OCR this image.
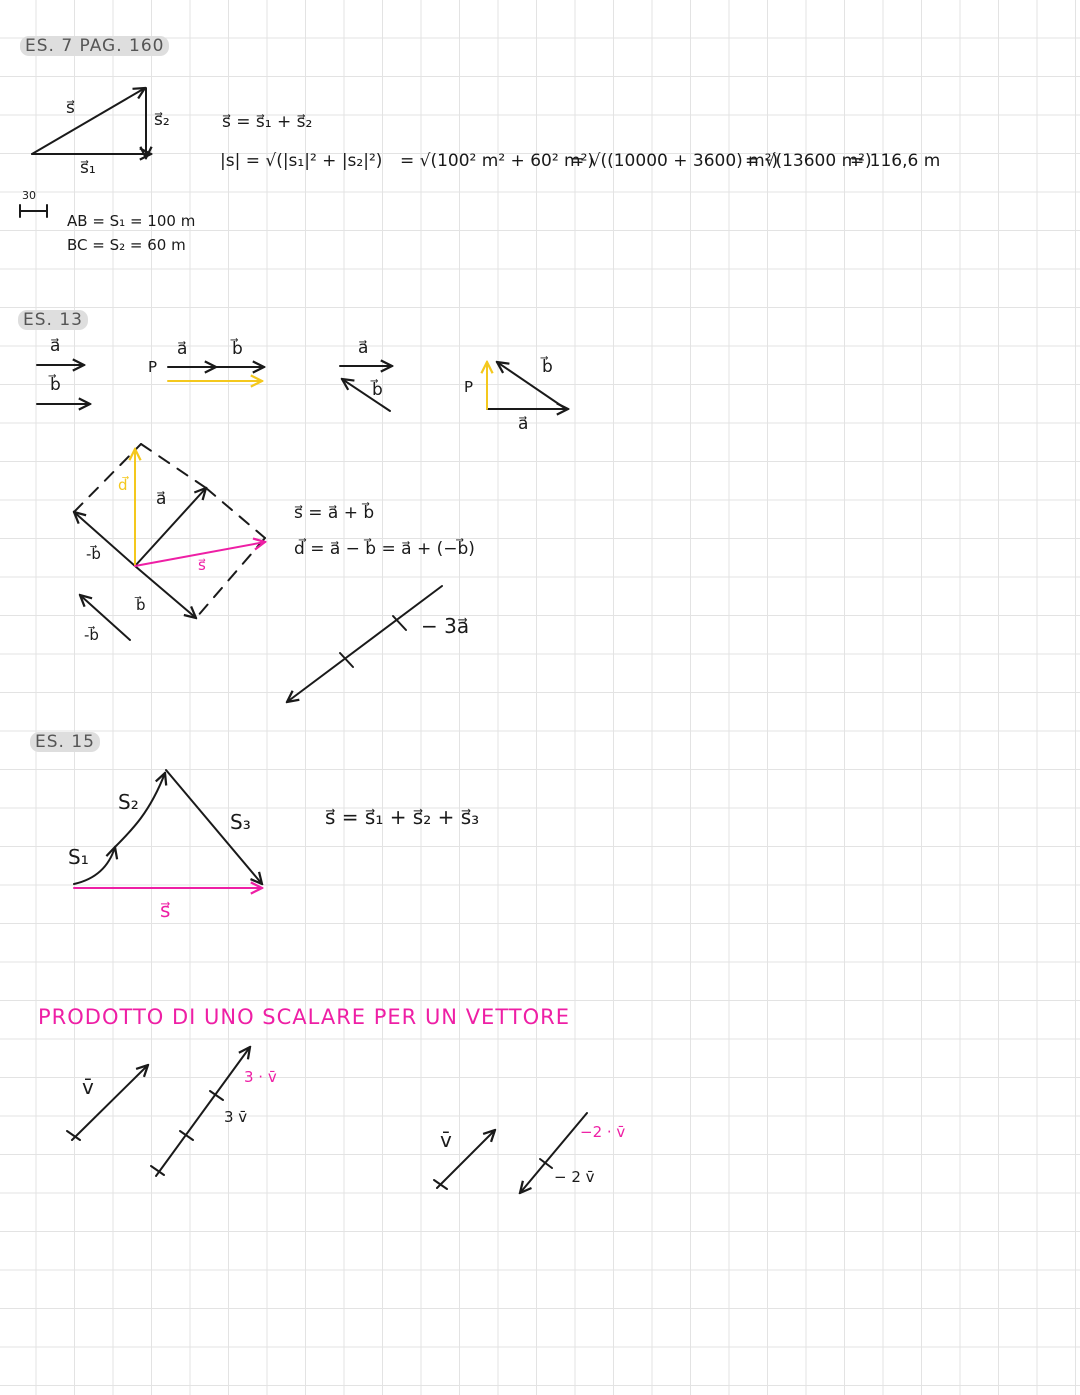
ES. 7 PAG. 160
s⃗
s⃗₂
s⃗₁
30
s⃗ = s⃗₁ + s⃗₂
|s| = √(|s₁|² + |s₂|²) = √(100² m² + 60² m²)
= √((10000 + 3600) m²)
= √(13600 m²)
= 116,6 m
AB = S₁ = 100 m
BC = S₂ = 60 m
ES. 13
a⃗
b⃗
P
a⃗	b⃗	a⃗
b⃗	P
b⃗
a⃗
d⃗
a⃗
-b⃗
s⃗
b⃗
-b⃗
s⃗ = a⃗ + b⃗
d⃗ = a⃗ − b⃗ = a⃗ + (−b⃗)
− 3a⃗
ES. 15
S₂
S₁
S₃
s⃗
s⃗ = s⃗₁ + s⃗₂ + s⃗₃
PRODOTTO DI UNO SCALARE PER UN VETTORE
v̄	3 · v̄
3 v̄
v̄	−2 · v̄
− 2 v̄
